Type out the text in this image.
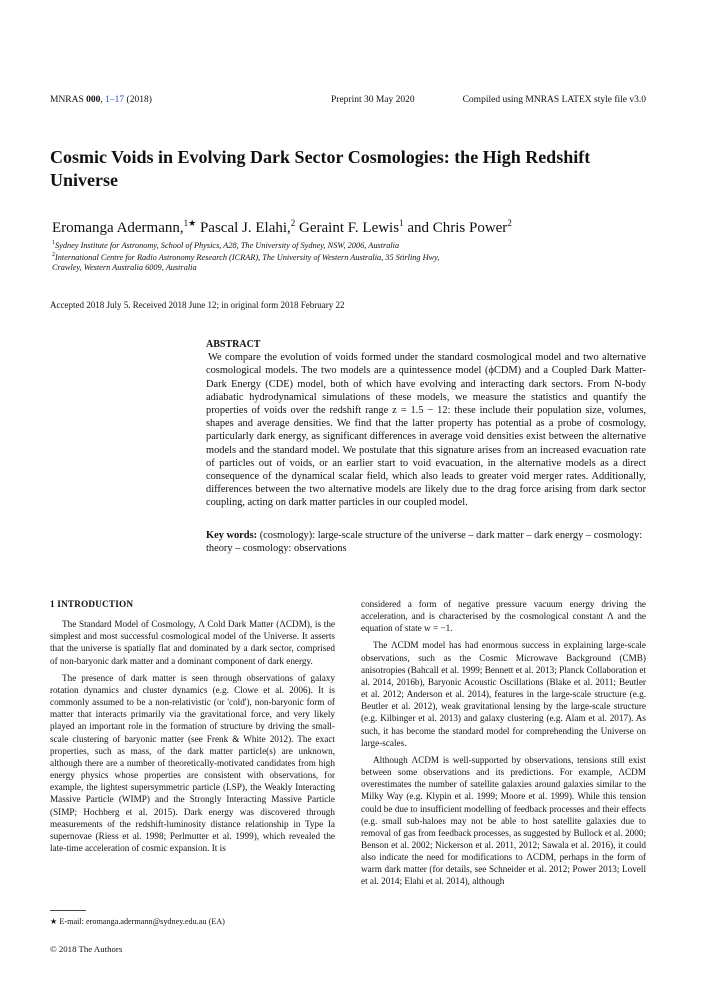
MNRAS 000, 1–17 (2018)	Preprint 30 May 2020	Compiled using MNRAS LATEX style file v3.0
Cosmic Voids in Evolving Dark Sector Cosmologies: the High Redshift Universe
Eromanga Adermann,$^{1★}$ Pascal J. Elahi,$^2$ Geraint F. Lewis$^1$ and Chris Power$^2$
$^1$Sydney Institute for Astronomy, School of Physics, A28, The University of Sydney, NSW, 2006, Australia
$^2$International Centre for Radio Astronomy Research (ICRAR), The University of Western Australia, 35 Stirling Hwy,
Crawley, Western Australia 6009, Australia
Accepted 2018 July 5. Received 2018 June 12; in original form 2018 February 22
ABSTRACT
We compare the evolution of voids formed under the standard cosmological model and two alternative cosmological models. The two models are a quintessence model (ϕCDM) and a Coupled Dark Matter-Dark Energy (CDE) model, both of which have evolving and interacting dark sectors. From N-body adiabatic hydrodynamical simulations of these models, we measure the statistics and quantify the properties of voids over the redshift range z = 1.5 − 12: these include their population size, volumes, shapes and average densities. We find that the latter property has potential as a probe of cosmology, particularly dark energy, as significant differences in average void densities exist between the alternative models and the standard model. We postulate that this signature arises from an increased evacuation rate of particles out of voids, or an earlier start to void evacuation, in the alternative models as a direct consequence of the dynamical scalar field, which also leads to greater void merger rates. Additionally, differences between the two alternative models are likely due to the drag force arising from dark sector coupling, acting on dark matter particles in our coupled model.
Key words: (cosmology): large-scale structure of the universe – dark matter – dark energy – cosmology: theory – cosmology: observations
1 INTRODUCTION

The Standard Model of Cosmology, Λ Cold Dark Matter (ΛCDM), is the simplest and most successful cosmological model of the Universe. It asserts that the universe is spatially flat and dominated by a dark sector, comprised of non-baryonic dark matter and a dominant component of dark energy.

The presence of dark matter is seen through observations of galaxy rotation dynamics and cluster dynamics (e.g. Clowe et al. 2006). It is commonly assumed to be a non-relativistic (or 'cold'), non-baryonic form of matter that interacts primarily via the gravitational force, and very likely played an important role in the formation of structure by driving the small-scale clustering of baryonic matter (see Frenk & White 2012). The exact properties, such as mass, of the dark matter particle(s) are unknown, although there are a number of theoretically-motivated candidates from high energy physics whose properties are consistent with observations, for example, the lightest supersymmetric particle (LSP), the Weakly Interacting Massive Particle (WIMP) and the Strongly Interacting Massive Particle (SIMP; Hochberg et al. 2015). Dark energy was discovered through measurements of the redshift-luminosity distance relationship in Type Ia supernovae (Riess et al. 1998; Perlmutter et al. 1999), which revealed the late-time acceleration of cosmic expansion. It is

considered a form of negative pressure vacuum energy driving the acceleration, and is characterised by the cosmological constant Λ and the equation of state w = −1.

The ΛCDM model has had enormous success in explaining large-scale observations, such as the Cosmic Microwave Background (CMB) anisotropies (Bahcall et al. 1999; Bennett et al. 2013; Planck Collaboration et al. 2014, 2016b), Baryonic Acoustic Oscillations (Blake et al. 2011; Beutler et al. 2012; Anderson et al. 2014), features in the large-scale structure (e.g. Beutler et al. 2012), weak gravitational lensing by the large-scale structure (e.g. Kilbinger et al. 2013) and galaxy clustering (e.g. Alam et al. 2017). As such, it has become the standard model for comprehending the Universe on large-scales.

Although ΛCDM is well-supported by observations, tensions still exist between some observations and its predictions. For example, ΛCDM overestimates the number of satellite galaxies around galaxies similar to the Milky Way (e.g. Klypin et al. 1999; Moore et al. 1999). While this tension could be due to insufficient modelling of feedback processes and their effects (e.g. small sub-haloes may not be able to host satellite galaxies due to removal of gas from feedback processes, as suggested by Bullock et al. 2000; Benson et al. 2002; Nickerson et al. 2011, 2012; Sawala et al. 2016), it could also indicate the need for modifications to ΛCDM, perhaps in the form of warm dark matter (for details, see Schneider et al. 2012; Power 2013; Lovell et al. 2014; Elahi et al. 2014), although

★ E-mail: eromanga.adermann@sydney.edu.au (EA)
© 2018 The Authors
